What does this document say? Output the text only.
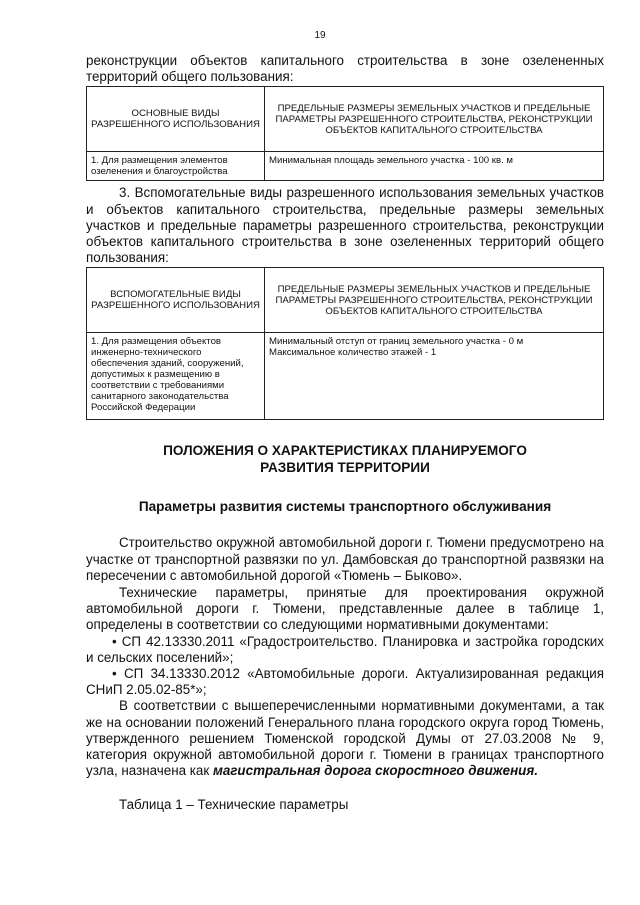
19

реконструкции объектов капитального строительства в зоне озелененных территорий общего пользования:

ОСНОВНЫЕ ВИДЫ РАЗРЕШЕННОГО ИСПОЛЬЗОВАНИЯ	ПРЕДЕЛЬНЫЕ РАЗМЕРЫ ЗЕМЕЛЬНЫХ УЧАСТКОВ И ПРЕДЕЛЬНЫЕ ПАРАМЕТРЫ РАЗРЕШЕННОГО СТРОИТЕЛЬСТВА, РЕКОНСТРУКЦИИ ОБЪЕКТОВ КАПИТАЛЬНОГО СТРОИТЕЛЬСТВА
1. Для размещения элементов озеленения и благоустройства	Минимальная площадь земельного участка - 100 кв. м

3. Вспомогательные виды разрешенного использования земельных участков и объектов капитального строительства, предельные размеры земельных участков и предельные параметры разрешенного строительства, реконструкции объектов капитального строительства в зоне озелененных территорий общего пользования:

ВСПОМОГАТЕЛЬНЫЕ ВИДЫ РАЗРЕШЕННОГО ИСПОЛЬЗОВАНИЯ	ПРЕДЕЛЬНЫЕ РАЗМЕРЫ ЗЕМЕЛЬНЫХ УЧАСТКОВ И ПРЕДЕЛЬНЫЕ ПАРАМЕТРЫ РАЗРЕШЕННОГО СТРОИТЕЛЬСТВА, РЕКОНСТРУКЦИИ ОБЪЕКТОВ КАПИТАЛЬНОГО СТРОИТЕЛЬСТВА
1. Для размещения объектов инженерно-технического обеспечения зданий, сооружений, допустимых к размещению в соответствии с требованиями санитарного законодательства Российской Федерации	Минимальный отступ от границ земельного участка - 0 м
Максимальное количество этажей - 1

ПОЛОЖЕНИЯ О ХАРАКТЕРИСТИКАХ ПЛАНИРУЕМОГО

РАЗВИТИЯ ТЕРРИТОРИИ

Параметры развития системы транспортного обслуживания

Строительство окружной автомобильной дороги г. Тюмени предусмотрено на участке от транспортной развязки по ул. Дамбовская до транспортной развязки на пересечении с автомобильной дорогой «Тюмень – Быково».

Технические параметры, принятые для проектирования окружной автомобильной дороги г. Тюмени, представленные далее в таблице 1, определены в соответствии со следующими нормативными документами:

• СП 42.13330.2011 «Градостроительство. Планировка и застройка городских и сельских поселений»;

• СП 34.13330.2012 «Автомобильные дороги. Актуализированная редакция СНиП 2.05.02-85*»;

В соответствии с вышеперечисленными нормативными документами, а так же на основании положений Генерального плана городского округа город Тюмень, утвержденного решением Тюменской городской Думы от 27.03.2008 № 9, категория окружной автомобильной дороги г. Тюмени в границах транспортного узла, назначена как магистральная дорога скоростного движения.

Таблица 1 – Технические параметры
